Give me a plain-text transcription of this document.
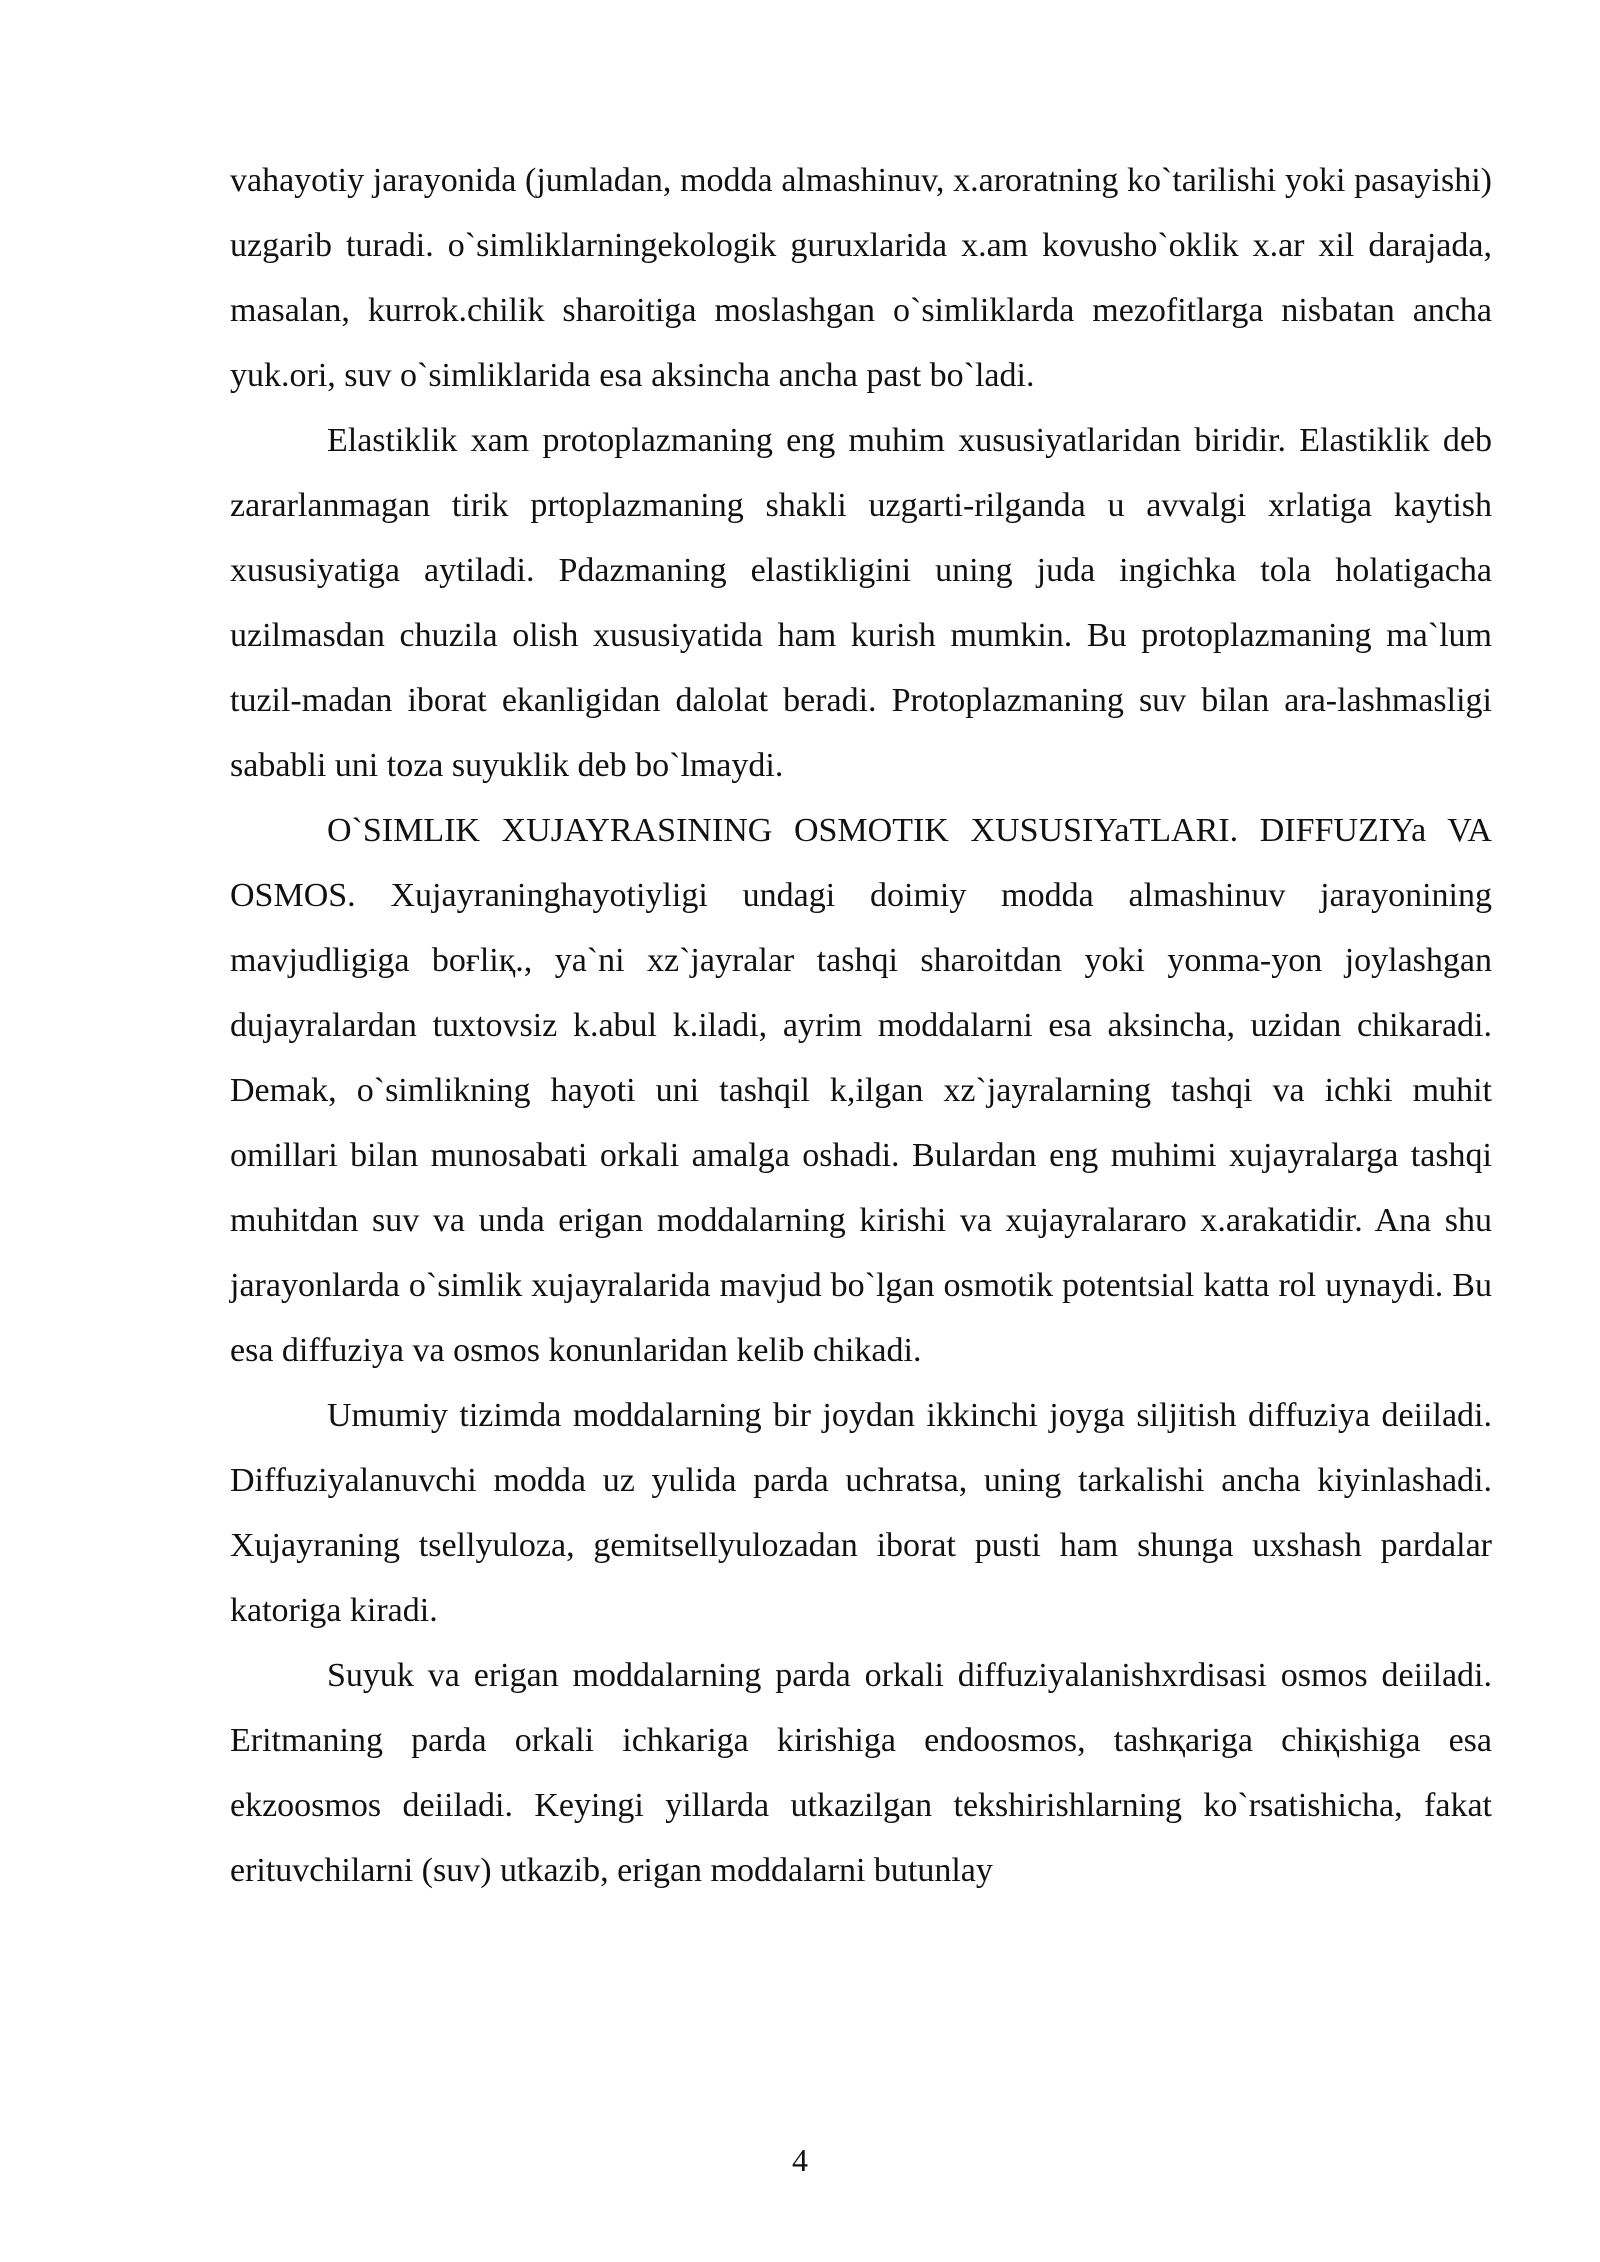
vahayotiy jarayonida (jumladan, modda almashinuv, x.aroratning ko`tarilishi yoki pasayishi) uzgarib turadi. o`simliklarningekologik guruxlarida x.am kovusho`oklik x.ar xil darajada, masalan, kurrok.chilik sharoitiga moslashgan o`simliklarda mezofitlarga nisbatan ancha yuk.ori, suv o`simliklarida esa aksincha ancha past bo`ladi.

Elastiklik xam protoplazmaning eng muhim xususiyatlaridan biridir. Elastiklik deb zararlanmagan tirik prtoplazmaning shakli uzgarti-rilganda u avvalgi xrlatiga kaytish xususiyatiga aytiladi. Pdazmaning elastikligini uning juda ingichka tola holatigacha uzilmasdan chuzila olish xususiyatida ham kurish mumkin. Bu protoplazmaning ma`lum tuzil-madan iborat ekanligidan dalolat beradi. Protoplazmaning suv bilan ara-lashmasligi sababli uni toza suyuklik deb bo`lmaydi.

O`SIMLIK XUJAYRASINING OSMOTIK XUSUSIYaTLARI. DIFFUZIYa VA OSMOS. Xujayraninghayotiyligi undagi doimiy modda almashinuv jarayonining mavjudligiga boғliқ., ya`ni xz`jayralar tashqi sharoitdan yoki yonma-yon joylashgan dujayralardan tuxtovsiz k.abul k.iladi, ayrim moddalarni esa aksincha, uzidan chikaradi. Demak, o`simlikning hayoti uni tashqil k,ilgan xz`jayralarning tashqi va ichki muhit omillari bilan munosabati orkali amalga oshadi. Bulardan eng muhimi xujayralarga tashqi muhitdan suv va unda erigan moddalarning kirishi va xujayralararo x.arakatidir. Ana shu jarayonlarda o`simlik xujayralarida mavjud bo`lgan osmotik potentsial katta rol uynaydi. Bu esa diffuziya va osmos konunlaridan kelib chikadi.

Umumiy tizimda moddalarning bir joydan ikkinchi joyga siljitish diffuziya deiiladi. Diffuziyalanuvchi modda uz yulida parda uchratsa, uning tarkalishi ancha kiyinlashadi. Xujayraning tsellyuloza, gemitsellyulozadan iborat pusti ham shunga uxshash pardalar katoriga kiradi.

Suyuk va erigan moddalarning parda orkali diffuziyalanishxrdisasi osmos deiiladi. Eritmaning parda orkali ichkariga kirishiga endoosmos, tashқariga chiқishiga esa ekzoosmos deiiladi. Keyingi yillarda utkazilgan tekshirishlarning ko`rsatishicha, fakat erituvchilarni (suv) utkazib, erigan moddalarni butunlay

4
